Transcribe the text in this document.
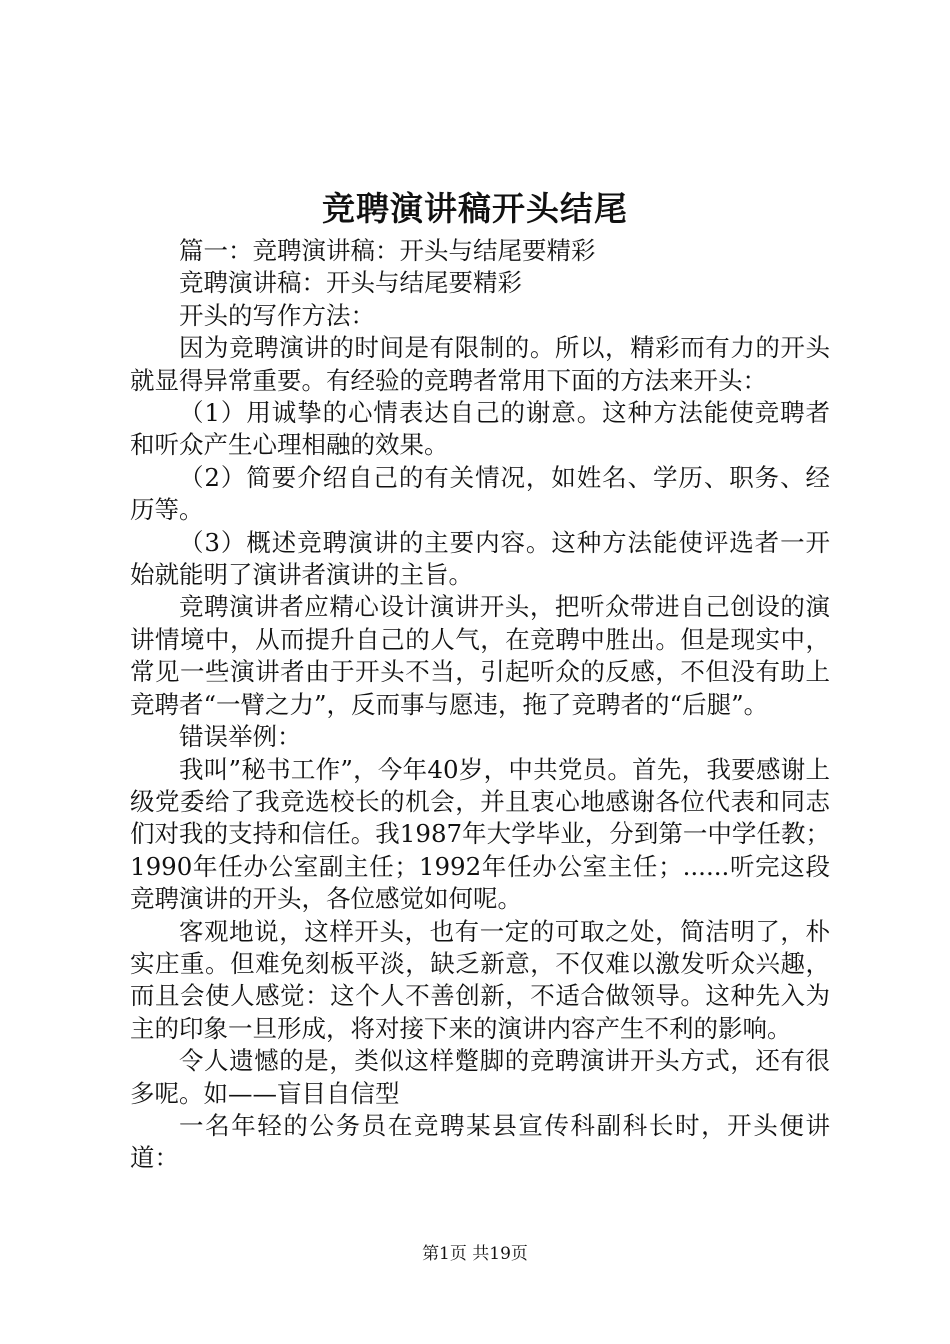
竞聘演讲稿开头结尾

篇一：竞聘演讲稿：开头与结尾要精彩

竞聘演讲稿：开头与结尾要精彩

开头的写作方法：

因为竞聘演讲的时间是有限制的。所以，精彩而有力的开头就显得异常重要。有经验的竞聘者常用下面的方法来开头：

（1）用诚挚的心情表达自己的谢意。这种方法能使竞聘者和听众产生心理相融的效果。

（2）简要介绍自己的有关情况，如姓名、学历、职务、经历等。

（3）概述竞聘演讲的主要内容。这种方法能使评选者一开始就能明了演讲者演讲的主旨。

竞聘演讲者应精心设计演讲开头，把听众带进自己创设的演讲情境中，从而提升自己的人气，在竞聘中胜出。但是现实中，常见一些演讲者由于开头不当，引起听众的反感，不但没有助上竞聘者“一臂之力”，反而事与愿违，拖了竞聘者的“后腿”。

错误举例：

我叫”秘书工作”，今年40岁，中共党员。首先，我要感谢上级党委给了我竞选校长的机会，并且衷心地感谢各位代表和同志们对我的支持和信任。我1987年大学毕业，分到第一中学任教；1990年任办公室副主任；1992年任办公室主任；......听完这段竞聘演讲的开头，各位感觉如何呢。

客观地说，这样开头，也有一定的可取之处，简洁明了，朴实庄重。但难免刻板平淡，缺乏新意，不仅难以激发听众兴趣，而且会使人感觉：这个人不善创新，不适合做领导。这种先入为主的印象一旦形成，将对接下来的演讲内容产生不利的影响。

令人遗憾的是，类似这样蹩脚的竞聘演讲开头方式，还有很多呢。如——盲目自信型

一名年轻的公务员在竞聘某县宣传科副科长时，开头便讲道：

第1页 共19页
